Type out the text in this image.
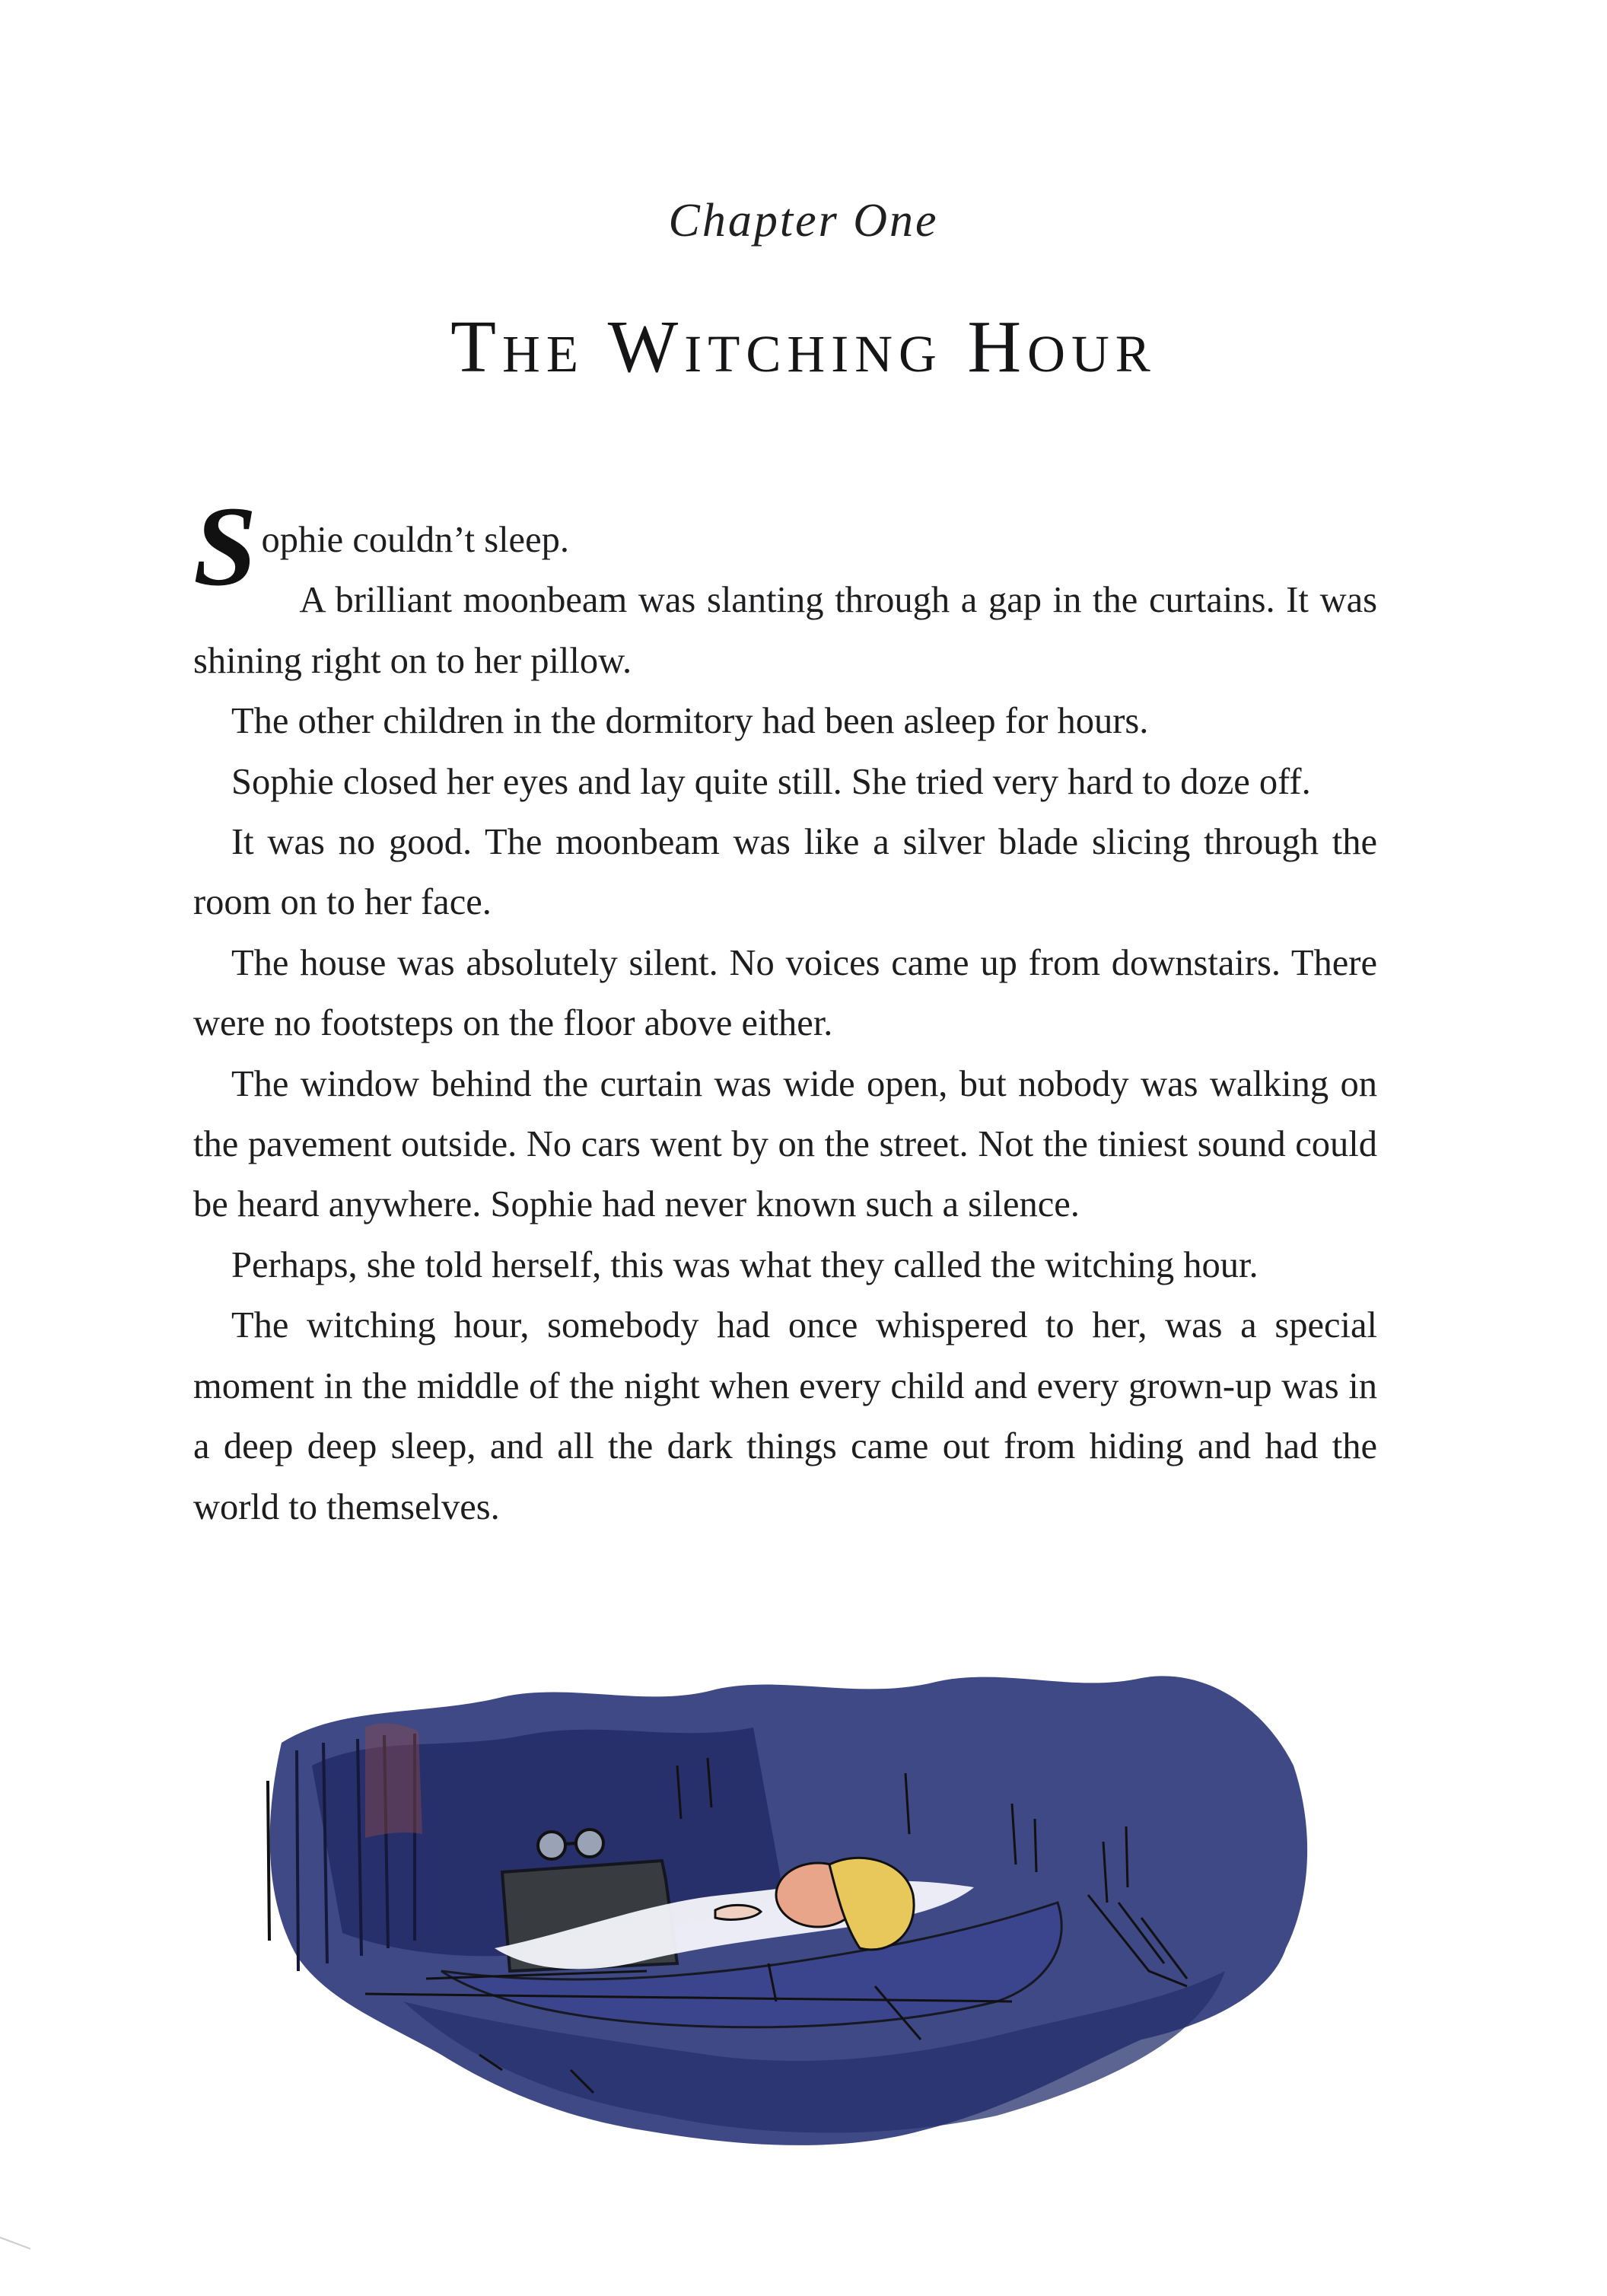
Chapter One
The Witching Hour

Sophie couldn’t sleep.

A brilliant moonbeam was slanting through a gap in the curtains. It was shining right on to her pillow.

The other children in the dormitory had been asleep for hours.

Sophie closed her eyes and lay quite still. She tried very hard to doze off.

It was no good. The moonbeam was like a silver blade slicing through the room on to her face.

The house was absolutely silent. No voices came up from downstairs. There were no footsteps on the floor above either.

The window behind the curtain was wide open, but nobody was walking on the pavement outside. No cars went by on the street. Not the tiniest sound could be heard anywhere. Sophie had never known such a silence.

Perhaps, she told herself, this was what they called the witching hour.

The witching hour, somebody had once whispered to her, was a special moment in the middle of the night when every child and every grown-up was in a deep deep sleep, and all the dark things came out from hiding and had the world to themselves.
